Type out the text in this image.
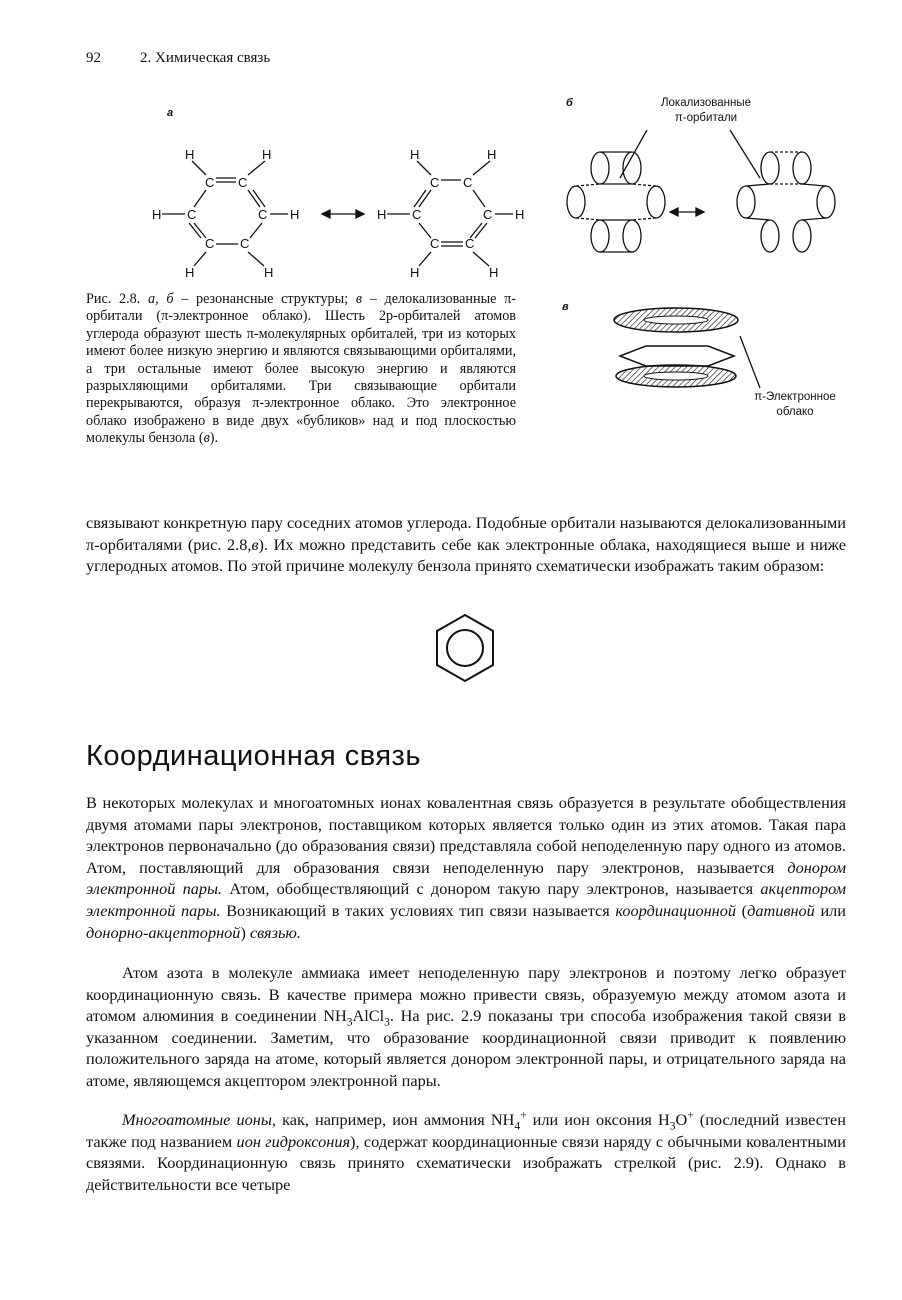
92	2. Химическая связь
а
б
в
Локализованные
π-орбитали
π-Электронное
облако
H	H
C C
H C	C H
C C
H	H
H	H
C C
H C	C H
C C
H	H
Рис. 2.8. а, б – резонансные структуры; в – делокализованные π-орбитали (π-электронное облако). Шесть 2р-орбиталей атомов углерода образуют шесть π-молекулярных орбиталей, три из которых имеют более низкую энергию и являются связывающими орбиталями, а три остальные имеют более высокую энергию и являются разрыхляющими орбиталями. Три связывающие орбитали перекрываются, образуя π-электронное облако. Это электронное облако изображено в виде двух «бубликов» над и под плоскостью молекулы бензола (в).
связывают конкретную пару соседних атомов углерода. Подобные орбитали называются делокализованными π-орбиталями (рис. 2.8,в). Их можно представить себе как электронные облака, находящиеся выше и ниже углеродных атомов. По этой причине молекулу бензола принято схематически изображать таким образом:
Координационная связь
В некоторых молекулах и многоатомных ионах ковалентная связь образуется в результате обобществления двумя атомами пары электронов, поставщиком которых является только один из этих атомов. Такая пара электронов первоначально (до образования связи) представляла собой неподеленную пару одного из атомов. Атом, поставляющий для образования связи неподеленную пару электронов, называется донором электронной пары. Атом, обобществляющий с донором такую пару электронов, называется акцептором электронной пары. Возникающий в таких условиях тип связи называется координационной (дативной или донорно-акцепторной) связью.
Атом азота в молекуле аммиака имеет неподеленную пару электронов и поэтому легко образует координационную связь. В качестве примера можно привести связь, образуемую между атомом азота и атомом алюминия в соединении $NH_3AlCl_3$. На рис. 2.9 показаны три способа изображения такой связи в указанном соединении. Заметим, что образование координационной связи приводит к появлению положительного заряда на атоме, который является донором электронной пары, и отрицательного заряда на атоме, являющемся акцептором электронной пары.
Многоатомные ионы, как, например, ион аммония $NH_4^+$ или ион оксония $H_3O^+$ (последний известен также под названием ион гидроксония), содержат координационные связи наряду с обычными ковалентными связями. Координационную связь принято схематически изображать стрелкой (рис. 2.9). Однако в действительности все четыре
